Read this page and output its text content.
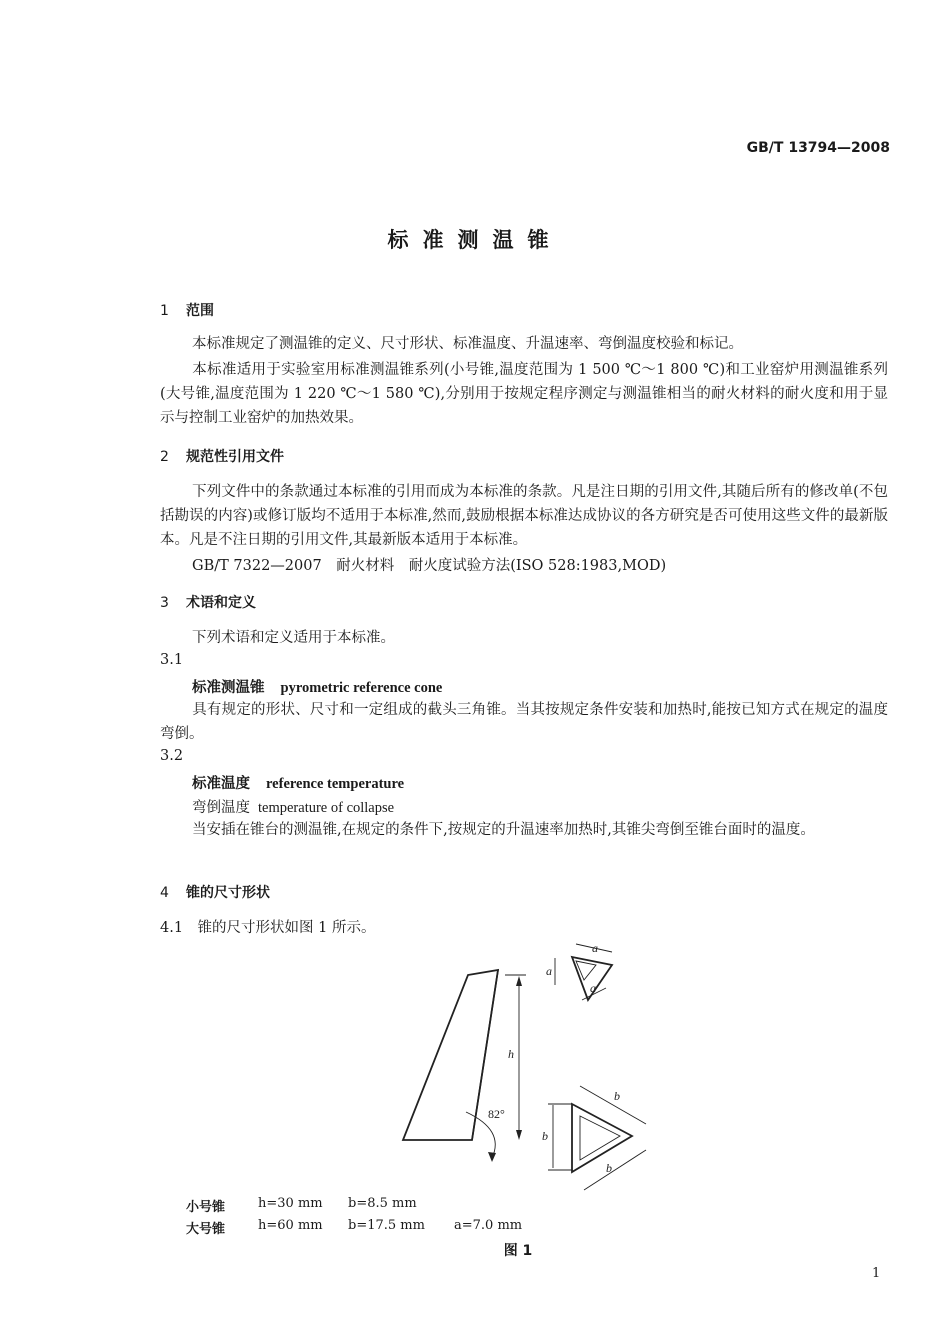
GB/T 13794—2008
标准测温锥
1 范围
本标准规定了测温锥的定义、尺寸形状、标准温度、升温速率、弯倒温度校验和标记。
本标准适用于实验室用标准测温锥系列(小号锥,温度范围为 1 500 ℃～1 800 ℃)和工业窑炉用测温锥系列(大号锥,温度范围为 1 220 ℃～1 580 ℃),分别用于按规定程序测定与测温锥相当的耐火材料的耐火度和用于显示与控制工业窑炉的加热效果。
2 规范性引用文件
下列文件中的条款通过本标准的引用而成为本标准的条款。凡是注日期的引用文件,其随后所有的修改单(不包括勘误的内容)或修订版均不适用于本标准,然而,鼓励根据本标准达成协议的各方研究是否可使用这些文件的最新版本。凡是不注日期的引用文件,其最新版本适用于本标准。
GB/T 7322—2007　耐火材料　耐火度试验方法(ISO 528:1983,MOD)
3 术语和定义
下列术语和定义适用于本标准。
3.1
标准测温锥 pyrometric reference cone
具有规定的形状、尺寸和一定组成的截头三角锥。当其按规定条件安装和加热时,能按已知方式在规定的温度弯倒。
3.2
标准温度 reference temperature
弯倒温度 temperature of collapse
当安插在锥台的测温锥,在规定的条件下,按规定的升温速率加热时,其锥尖弯倒至锥台面时的温度。
4 锥的尺寸形状
4.1　锥的尺寸形状如图 1 所示。
a
a
a
h
82°
b
b
b
小号锥	h=30 mm b=8.5 mm
大号锥	h=60 mm b=17.5 mm a=7.0 mm
图 1
1
